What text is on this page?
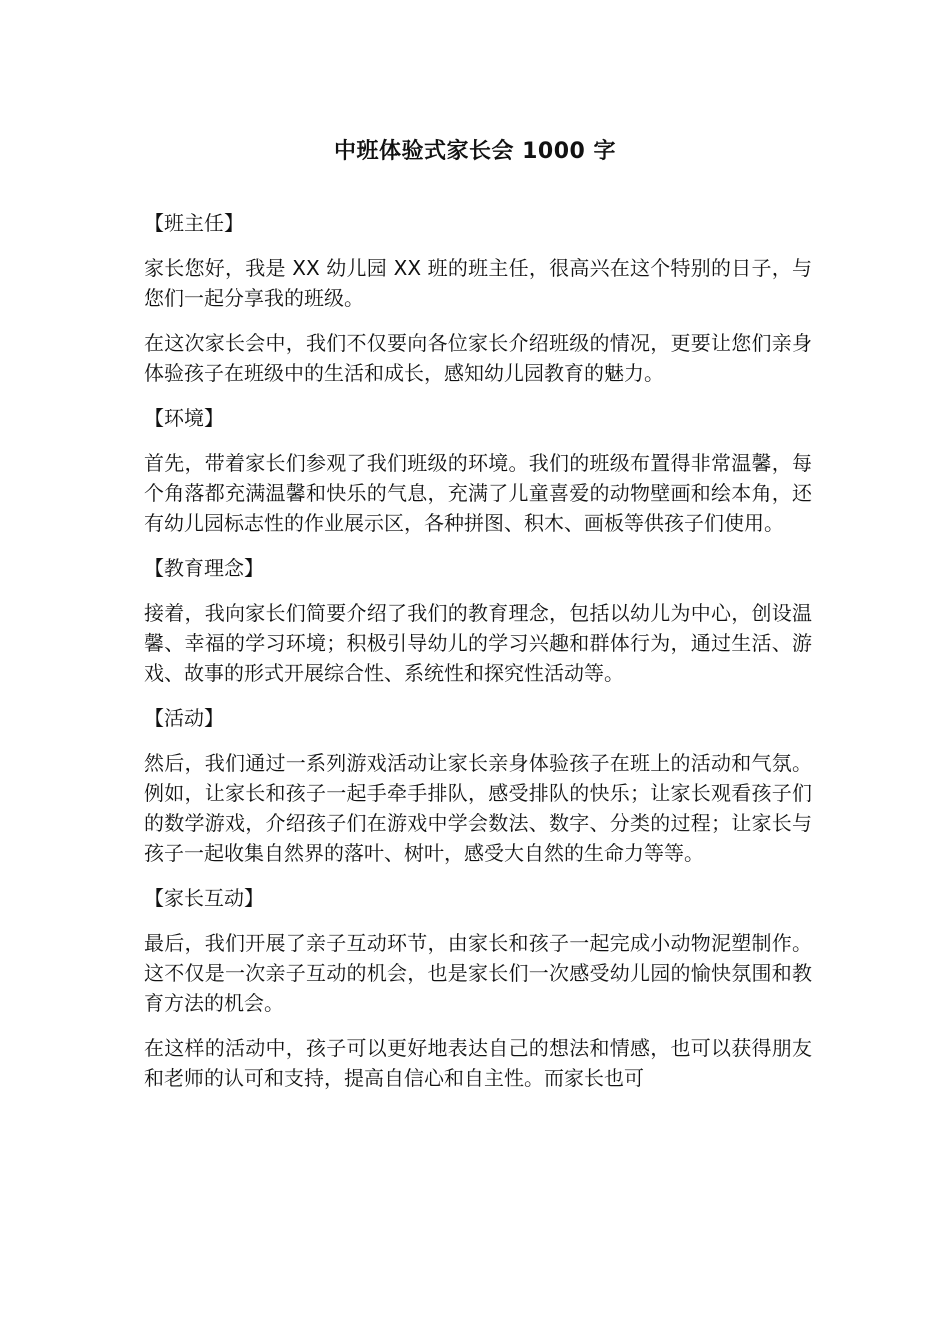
中班体验式家长会 1000 字
【班主任】
家长您好，我是 XX 幼儿园 XX 班的班主任，很高兴在这个特别的日子，与您们一起分享我的班级。
在这次家长会中，我们不仅要向各位家长介绍班级的情况，更要让您们亲身体验孩子在班级中的生活和成长，感知幼儿园教育的魅力。
【环境】
首先，带着家长们参观了我们班级的环境。我们的班级布置得非常温馨，每个角落都充满温馨和快乐的气息，充满了儿童喜爱的动物壁画和绘本角，还有幼儿园标志性的作业展示区，各种拼图、积木、画板等供孩子们使用。
【教育理念】
接着，我向家长们简要介绍了我们的教育理念，包括以幼儿为中心，创设温馨、幸福的学习环境；积极引导幼儿的学习兴趣和群体行为，通过生活、游戏、故事的形式开展综合性、系统性和探究性活动等。
【活动】
然后，我们通过一系列游戏活动让家长亲身体验孩子在班上的活动和气氛。例如，让家长和孩子一起手牵手排队，感受排队的快乐；让家长观看孩子们的数学游戏，介绍孩子们在游戏中学会数法、数字、分类的过程；让家长与孩子一起收集自然界的落叶、树叶，感受大自然的生命力等等。
【家长互动】
最后，我们开展了亲子互动环节，由家长和孩子一起完成小动物泥塑制作。这不仅是一次亲子互动的机会，也是家长们一次感受幼儿园的愉快氛围和教育方法的机会。
在这样的活动中，孩子可以更好地表达自己的想法和情感，也可以获得朋友和老师的认可和支持，提高自信心和自主性。而家长也可
